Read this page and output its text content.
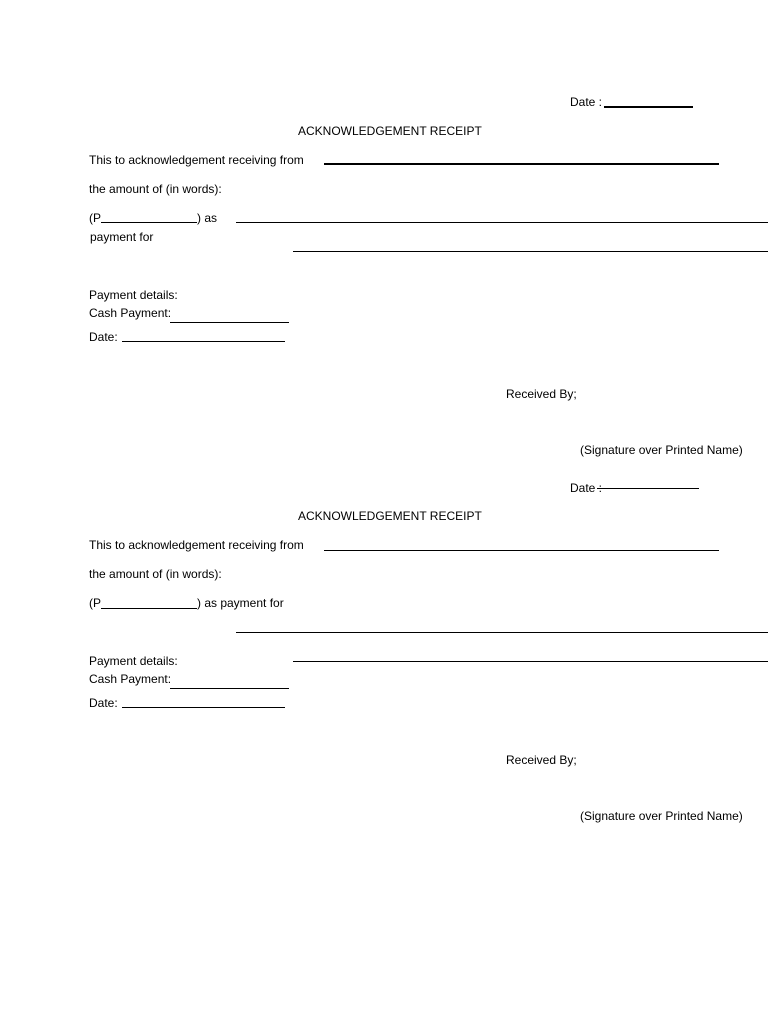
Date :
ACKNOWLEDGEMENT RECEIPT
This to acknowledgement receiving from
the amount of (in words):
(P	) as
payment for
Payment details:
Cash Payment:
Date:
Received By;
(Signature over Printed Name)
Date :
ACKNOWLEDGEMENT RECEIPT
This to acknowledgement receiving from
the amount of (in words):
(P	) as payment for
Payment details:
Cash Payment:
Date:
Received By;
(Signature over Printed Name)
